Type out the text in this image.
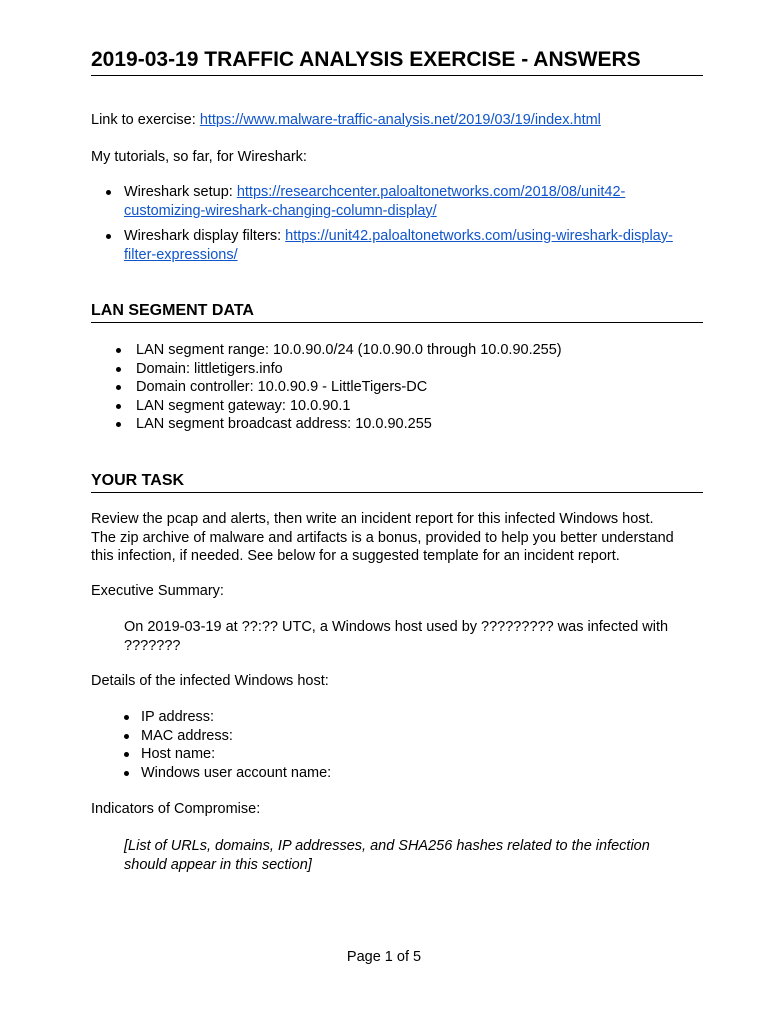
2019-03-19 TRAFFIC ANALYSIS EXERCISE - ANSWERS
Link to exercise: https://www.malware-traffic-analysis.net/2019/03/19/index.html
My tutorials, so far, for Wireshark:
Wireshark setup: https://researchcenter.paloaltonetworks.com/2018/08/unit42-
customizing-wireshark-changing-column-display/
Wireshark display filters: https://unit42.paloaltonetworks.com/using-wireshark-display-
filter-expressions/
LAN SEGMENT DATA
LAN segment range: 10.0.90.0/24 (10.0.90.0 through 10.0.90.255)
Domain: littletigers.info
Domain controller: 10.0.90.9 - LittleTigers-DC
LAN segment gateway: 10.0.90.1
LAN segment broadcast address: 10.0.90.255
YOUR TASK
Review the pcap and alerts, then write an incident report for this infected Windows host.
The zip archive of malware and artifacts is a bonus, provided to help you better understand
this infection, if needed. See below for a suggested template for an incident report.
Executive Summary:
On 2019-03-19 at ??:?? UTC, a Windows host used by ????????? was infected with
???????
Details of the infected Windows host:
IP address:
MAC address:
Host name:
Windows user account name:
Indicators of Compromise:
[List of URLs, domains, IP addresses, and SHA256 hashes related to the infection
should appear in this section]
Page 1 of 5
